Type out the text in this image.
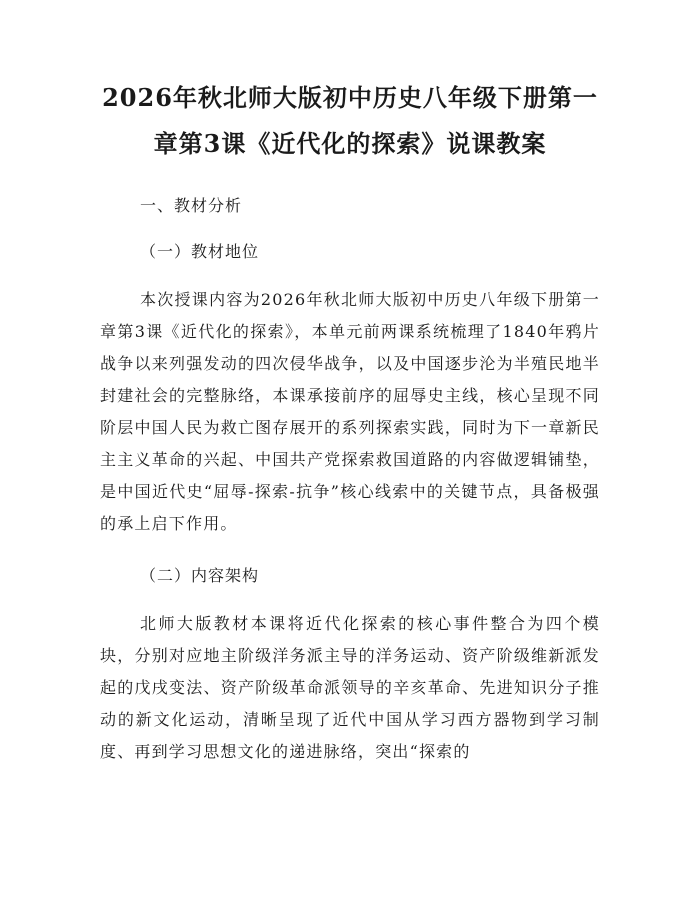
2026年秋北师大版初中历史八年级下册第一
章第3课《近代化的探索》说课教案

一、教材分析

（一）教材地位

本次授课内容为2026年秋北师大版初中历史八年级下册第一章第3课《近代化的探索》，本单元前两课系统梳理了1840年鸦片战争以来列强发动的四次侵华战争，以及中国逐步沦为半殖民地半封建社会的完整脉络，本课承接前序的屈辱史主线，核心呈现不同阶层中国人民为救亡图存展开的系列探索实践，同时为下一章新民主主义革命的兴起、中国共产党探索救国道路的内容做逻辑铺垫，是中国近代史“屈辱-探索-抗争”核心线索中的关键节点，具备极强的承上启下作用。

（二）内容架构

北师大版教材本课将近代化探索的核心事件整合为四个模块，分别对应地主阶级洋务派主导的洋务运动、资产阶级维新派发起的戊戌变法、资产阶级革命派领导的辛亥革命、先进知识分子推动的新文化运动，清晰呈现了近代中国从学习西方器物到学习制度、再到学习思想文化的递进脉络，突出“探索的
